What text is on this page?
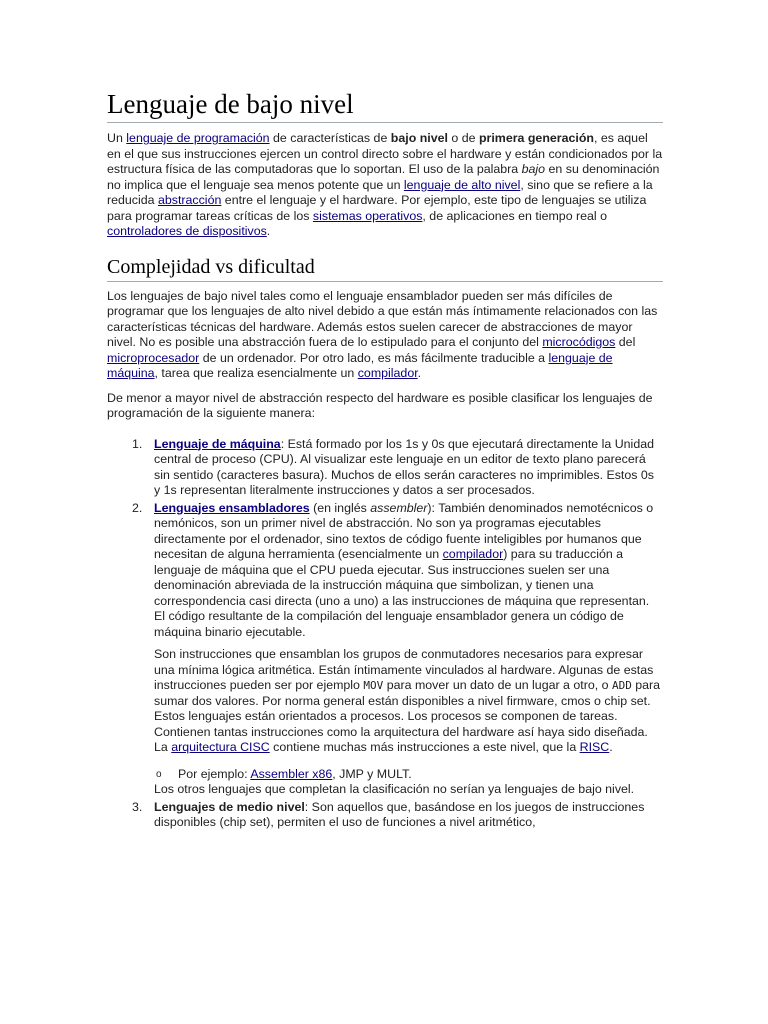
Lenguaje de bajo nivel

Un lenguaje de programación de características de bajo nivel o de primera generación, es aquel en el que sus instrucciones ejercen un control directo sobre el hardware y están condicionados por la estructura física de las computadoras que lo soportan. El uso de la palabra bajo en su denominación no implica que el lenguaje sea menos potente que un lenguaje de alto nivel, sino que se refiere a la reducida abstracción entre el lenguaje y el hardware. Por ejemplo, este tipo de lenguajes se utiliza para programar tareas críticas de los sistemas operativos, de aplicaciones en tiempo real o controladores de dispositivos.

Complejidad vs dificultad

Los lenguajes de bajo nivel tales como el lenguaje ensamblador pueden ser más difíciles de programar que los lenguajes de alto nivel debido a que están más íntimamente relacionados con las características técnicas del hardware. Además estos suelen carecer de abstracciones de mayor nivel. No es posible una abstracción fuera de lo estipulado para el conjunto del microcódigos del microprocesador de un ordenador. Por otro lado, es más fácilmente traducible a lenguaje de máquina, tarea que realiza esencialmente un compilador.

De menor a mayor nivel de abstracción respecto del hardware es posible clasificar los lenguajes de programación de la siguiente manera:

1. Lenguaje de máquina: Está formado por los 1s y 0s que ejecutará directamente la Unidad central de proceso (CPU). Al visualizar este lenguaje en un editor de texto plano parecerá sin sentido (caracteres basura). Muchos de ellos serán caracteres no imprimibles. Estos 0s y 1s representan literalmente instrucciones y datos a ser procesados.
2. Lenguajes ensambladores (en inglés assembler): También denominados nemotécnicos o nemónicos, son un primer nivel de abstracción. No son ya programas ejecutables directamente por el ordenador, sino textos de código fuente inteligibles por humanos que necesitan de alguna herramienta (esencialmente un compilador) para su traducción a lenguaje de máquina que el CPU pueda ejecutar. Sus instrucciones suelen ser una denominación abreviada de la instrucción máquina que simbolizan, y tienen una correspondencia casi directa (uno a uno) a las instrucciones de máquina que representan. El código resultante de la compilación del lenguaje ensamblador genera un código de máquina binario ejecutable.

Son instrucciones que ensamblan los grupos de conmutadores necesarios para expresar una mínima lógica aritmética. Están íntimamente vinculados al hardware. Algunas de estas instrucciones pueden ser por ejemplo MOV para mover un dato de un lugar a otro, o ADD para sumar dos valores. Por norma general están disponibles a nivel firmware, cmos o chip set. Estos lenguajes están orientados a procesos. Los procesos se componen de tareas. Contienen tantas instrucciones como la arquitectura del hardware así haya sido diseñada. La arquitectura CISC contiene muchas más instrucciones a este nivel, que la RISC.

o Por ejemplo: Assembler x86, JMP y MULT.

Los otros lenguajes que completan la clasificación no serían ya lenguajes de bajo nivel.

3. Lenguajes de medio nivel: Son aquellos que, basándose en los juegos de instrucciones disponibles (chip set), permiten el uso de funciones a nivel aritmético,
